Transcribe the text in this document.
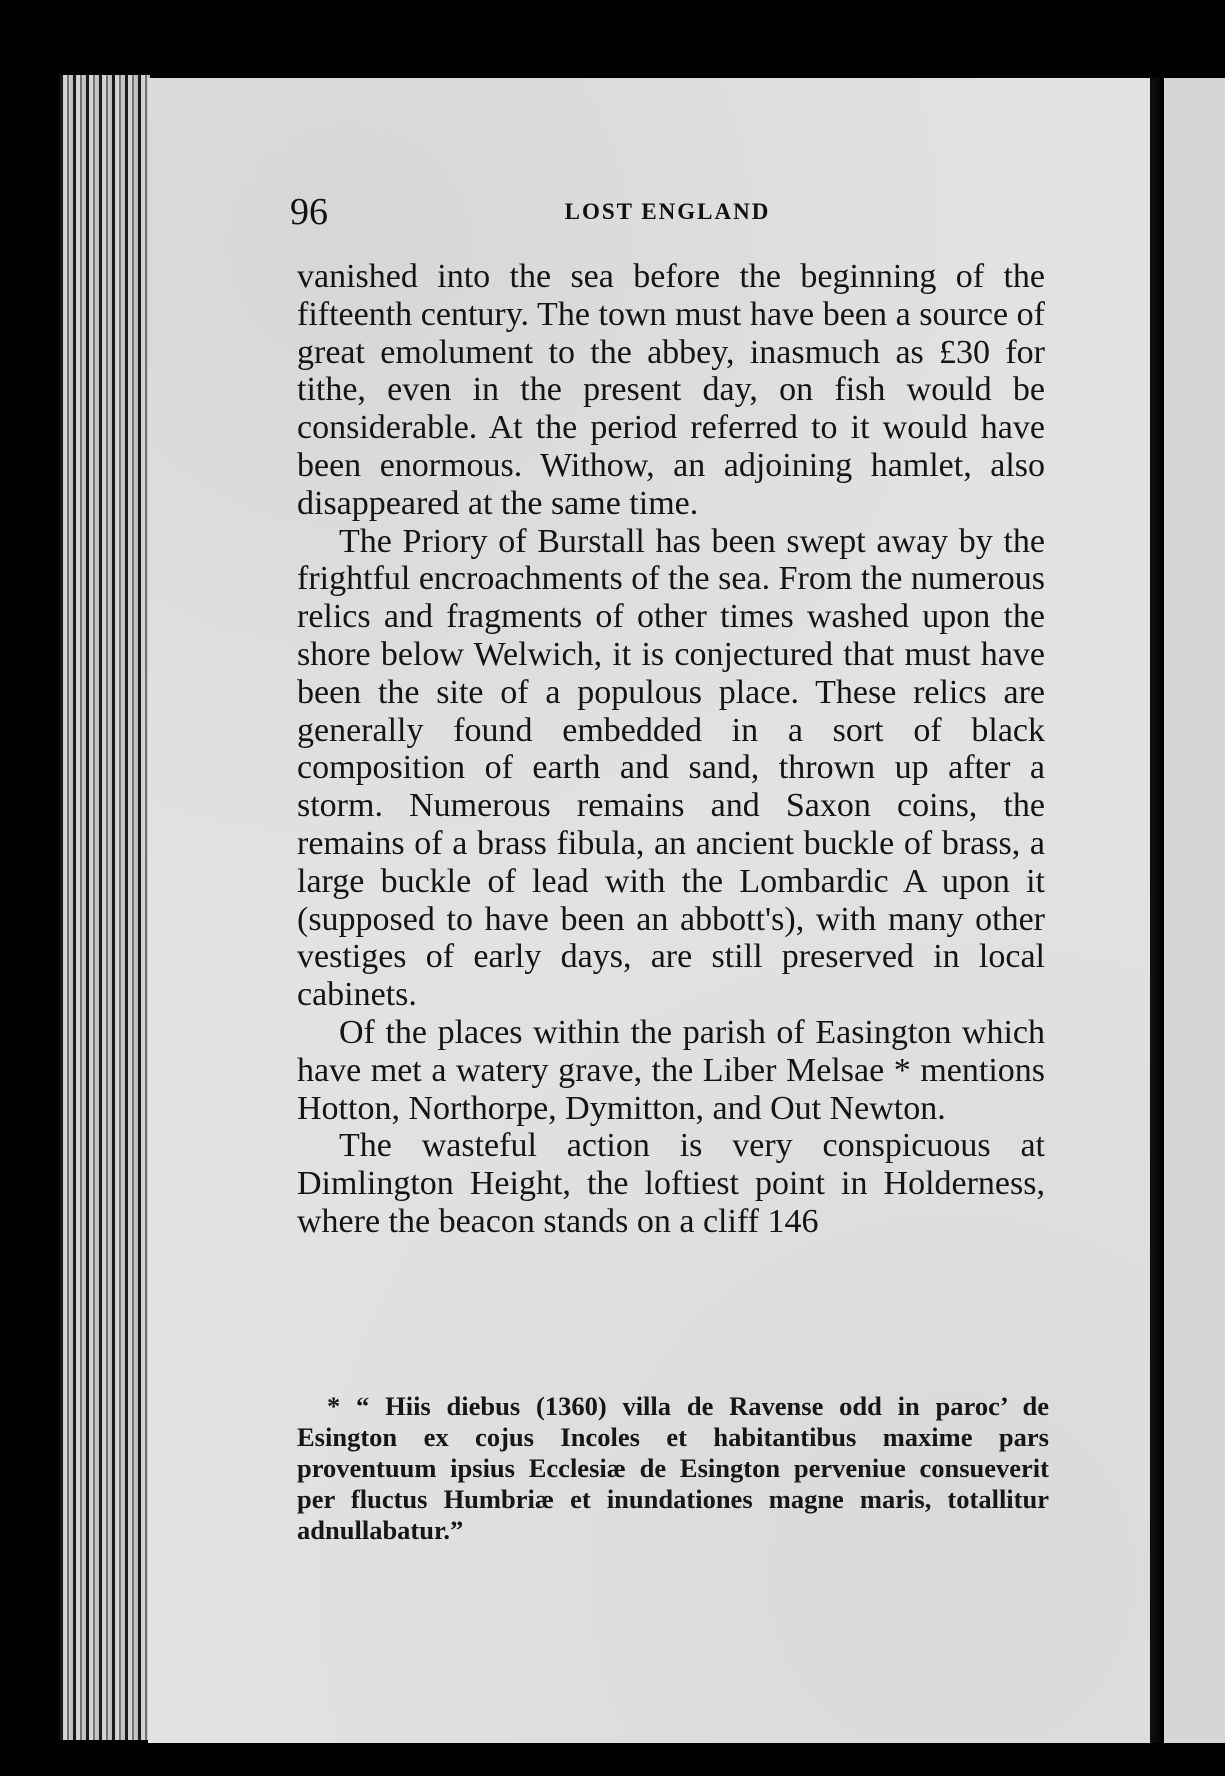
96	LOST ENGLAND

vanished into the sea before the beginning of the fifteenth century. The town must have been a source of great emolument to the abbey, inasmuch as £30 for tithe, even in the present day, on fish would be considerable. At the period referred to it would have been enormous. Withow, an adjoining hamlet, also disappeared at the same time.

The Priory of Burstall has been swept away by the frightful encroachments of the sea. From the numerous relics and fragments of other times washed upon the shore below Welwich, it is conjectured that must have been the site of a populous place. These relics are generally found embedded in a sort of black composition of earth and sand, thrown up after a storm. Numerous remains and Saxon coins, the remains of a brass fibula, an ancient buckle of brass, a large buckle of lead with the Lombardic A upon it (supposed to have been an abbott's), with many other vestiges of early days, are still preserved in local cabinets.

Of the places within the parish of Easington which have met a watery grave, the Liber Melsae * mentions Hotton, Northorpe, Dymitton, and Out Newton.

The wasteful action is very conspicuous at Dimlington Height, the loftiest point in Holderness, where the beacon stands on a cliff 146

* “ Hiis diebus (1360) villa de Ravense odd in paroc’ de Esington ex cojus Incoles et habitantibus maxime pars proventuum ipsius Ecclesiæ de Esington perveniue consueverit per fluctus Humbriæ et inundationes magne maris, totallitur adnullabatur.”
